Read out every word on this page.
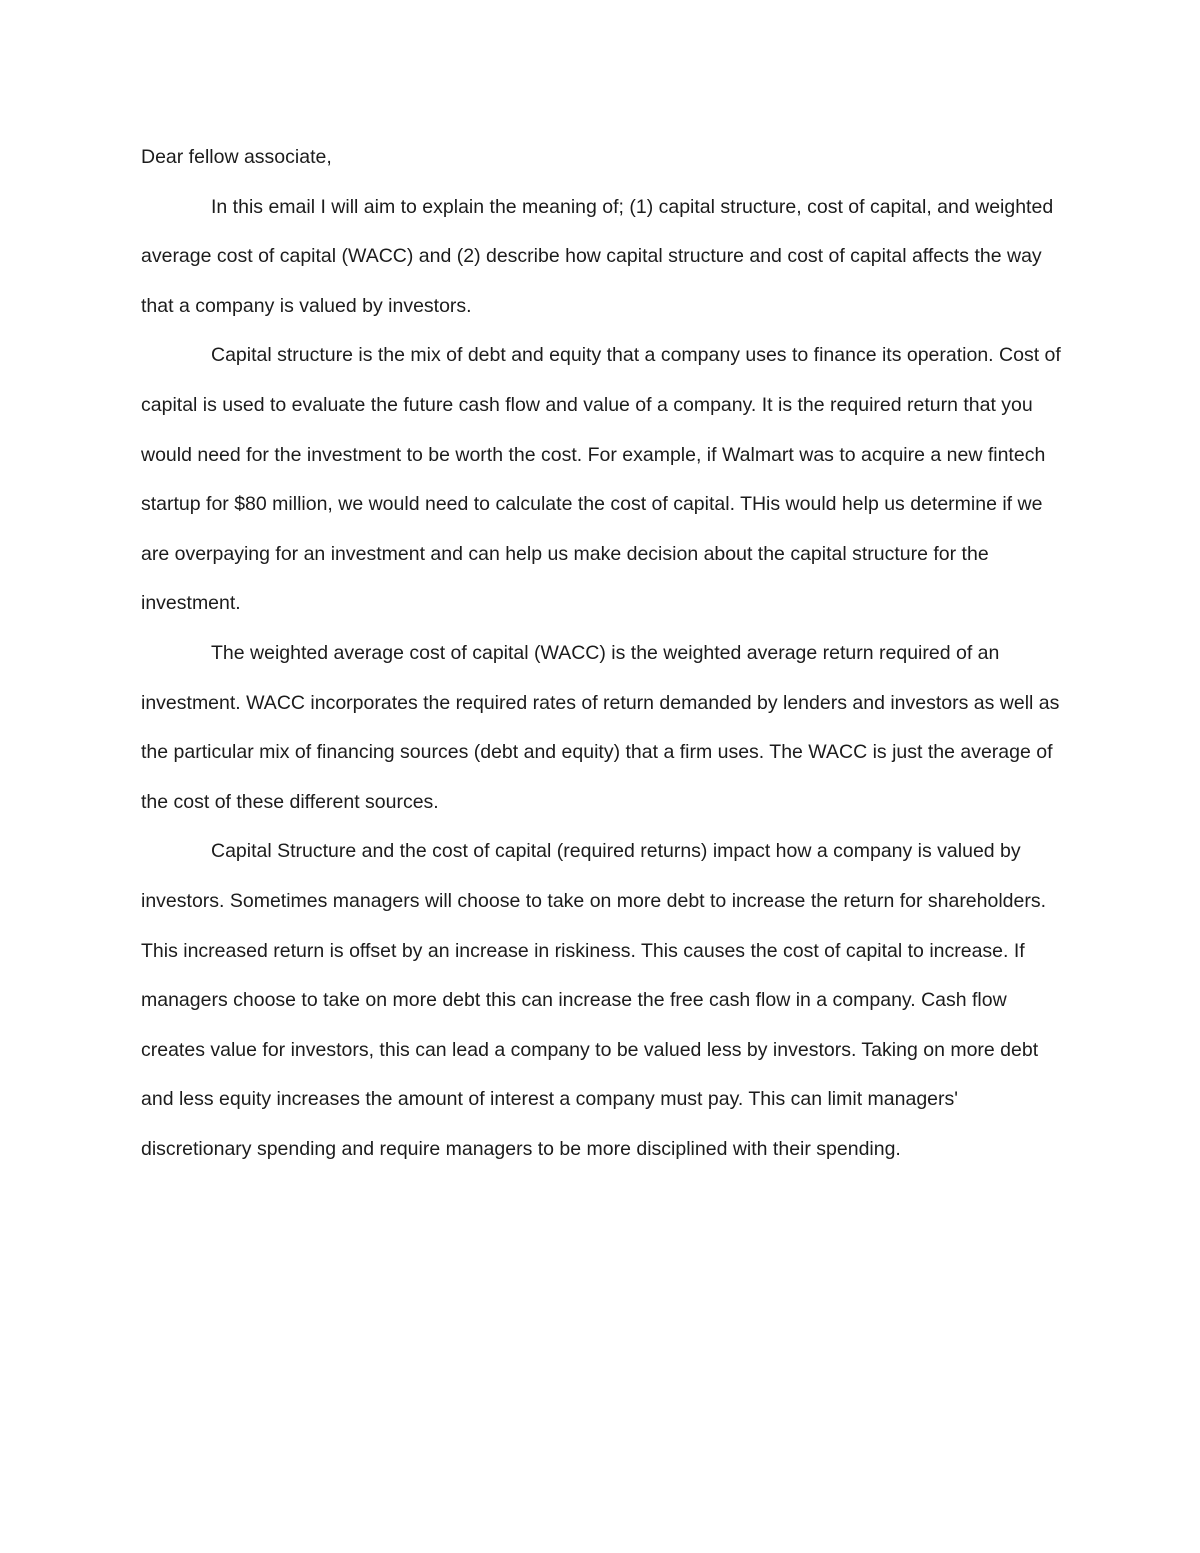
Dear fellow associate,

In this email I will aim to explain the meaning of; (1) capital structure, cost of capital, and weighted average cost of capital (WACC) and (2) describe how capital structure and cost of capital affects the way that a company is valued by investors.

Capital structure is the mix of debt and equity that a company uses to finance its operation. Cost of capital is used to evaluate the future cash flow and value of a company. It is the required return that you would need for the investment to be worth the cost. For example, if Walmart was to acquire a new fintech startup for $80 million, we would need to calculate the cost of capital. THis would help us determine if we are overpaying for an investment and can help us make decision about the capital structure for the investment.

The weighted average cost of capital (WACC) is the weighted average return required of an investment. WACC incorporates the required rates of return demanded by lenders and investors as well as the particular mix of financing sources (debt and equity) that a firm uses. The WACC is just the average of the cost of these different sources.

Capital Structure and the cost of capital (required returns) impact how a company is valued by investors. Sometimes managers will choose to take on more debt to increase the return for shareholders. This increased return is offset by an increase in riskiness. This causes the cost of capital to increase. If managers choose to take on more debt this can increase the free cash flow in a company. Cash flow creates value for investors, this can lead a company to be valued less by investors. Taking on more debt and less equity increases the amount of interest a company must pay. This can limit managers' discretionary spending and require managers to be more disciplined with their spending.
